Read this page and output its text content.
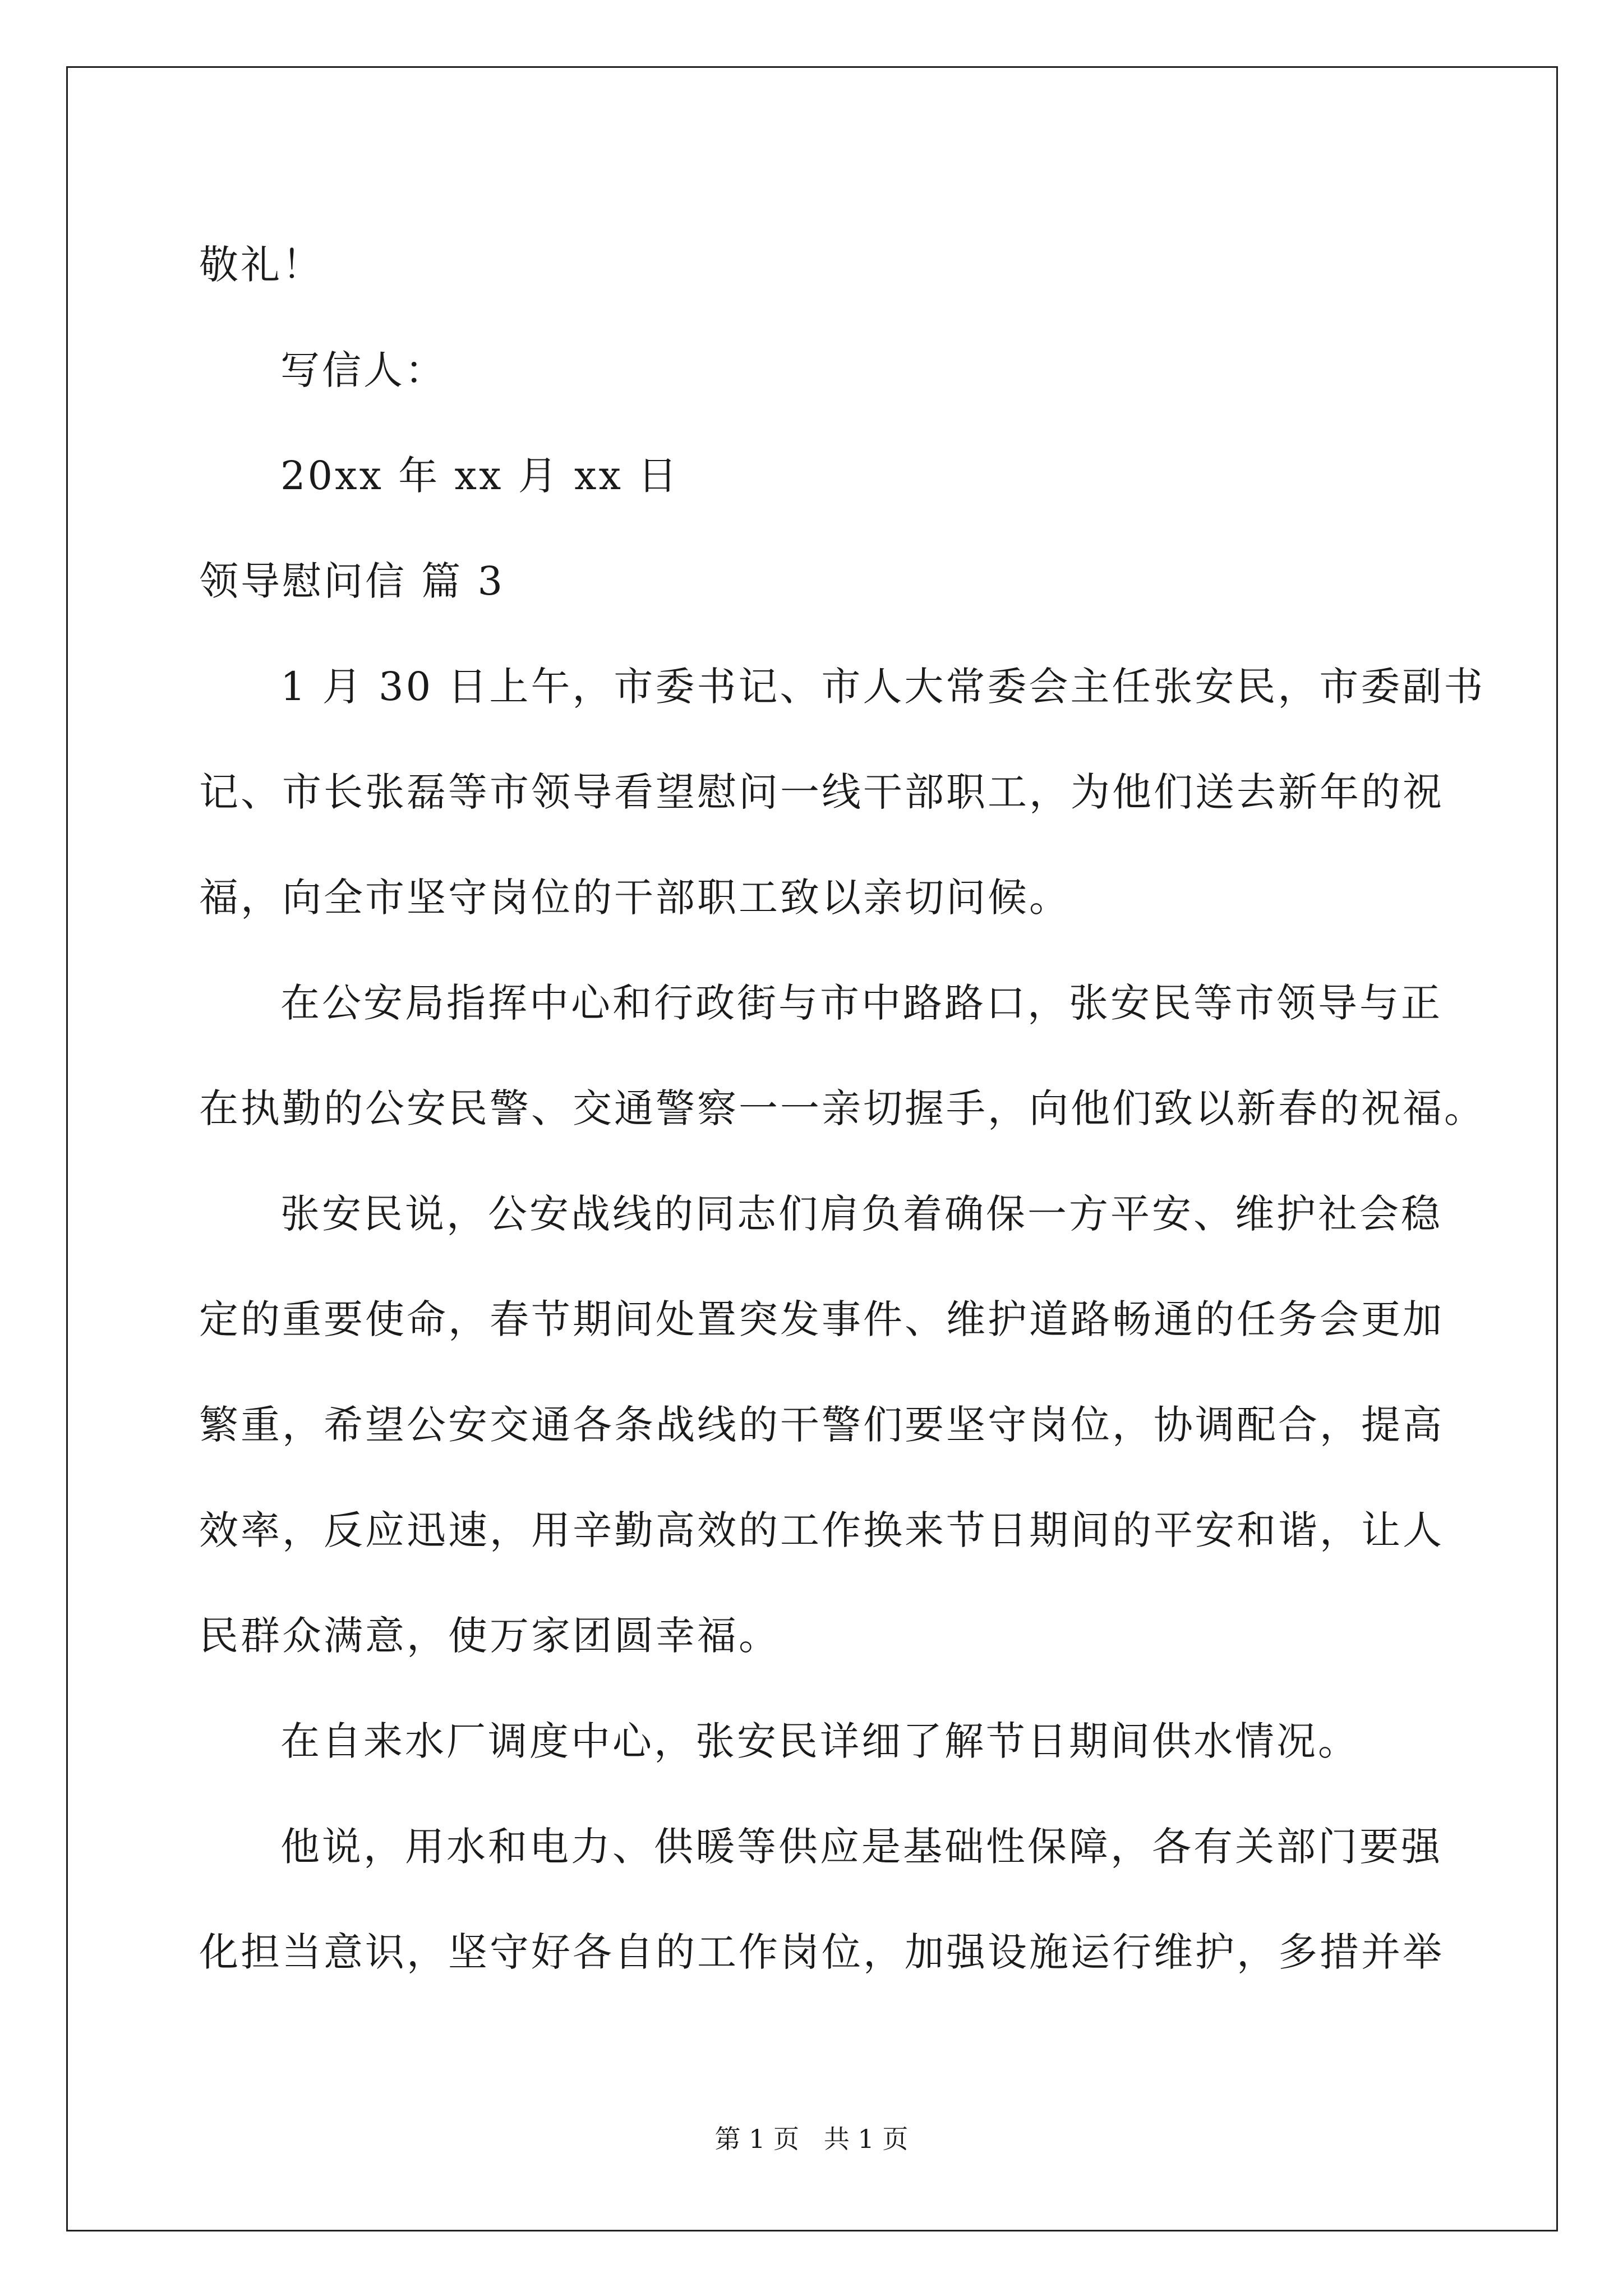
敬礼！
写信人：
20xx 年 xx 月 xx 日
领导慰问信 篇 3
1 月 30 日上午，市委书记、市人大常委会主任张安民，市委副书
记、市长张磊等市领导看望慰问一线干部职工，为他们送去新年的祝
福，向全市坚守岗位的干部职工致以亲切问候。
在公安局指挥中心和行政街与市中路路口，张安民等市领导与正
在执勤的公安民警、交通警察一一亲切握手，向他们致以新春的祝福。
张安民说，公安战线的同志们肩负着确保一方平安、维护社会稳
定的重要使命，春节期间处置突发事件、维护道路畅通的任务会更加
繁重，希望公安交通各条战线的干警们要坚守岗位，协调配合，提高
效率，反应迅速，用辛勤高效的工作换来节日期间的平安和谐，让人
民群众满意，使万家团圆幸福。
在自来水厂调度中心，张安民详细了解节日期间供水情况。
他说，用水和电力、供暖等供应是基础性保障，各有关部门要强
化担当意识，坚守好各自的工作岗位，加强设施运行维护，多措并举
第 1 页   共 1 页
